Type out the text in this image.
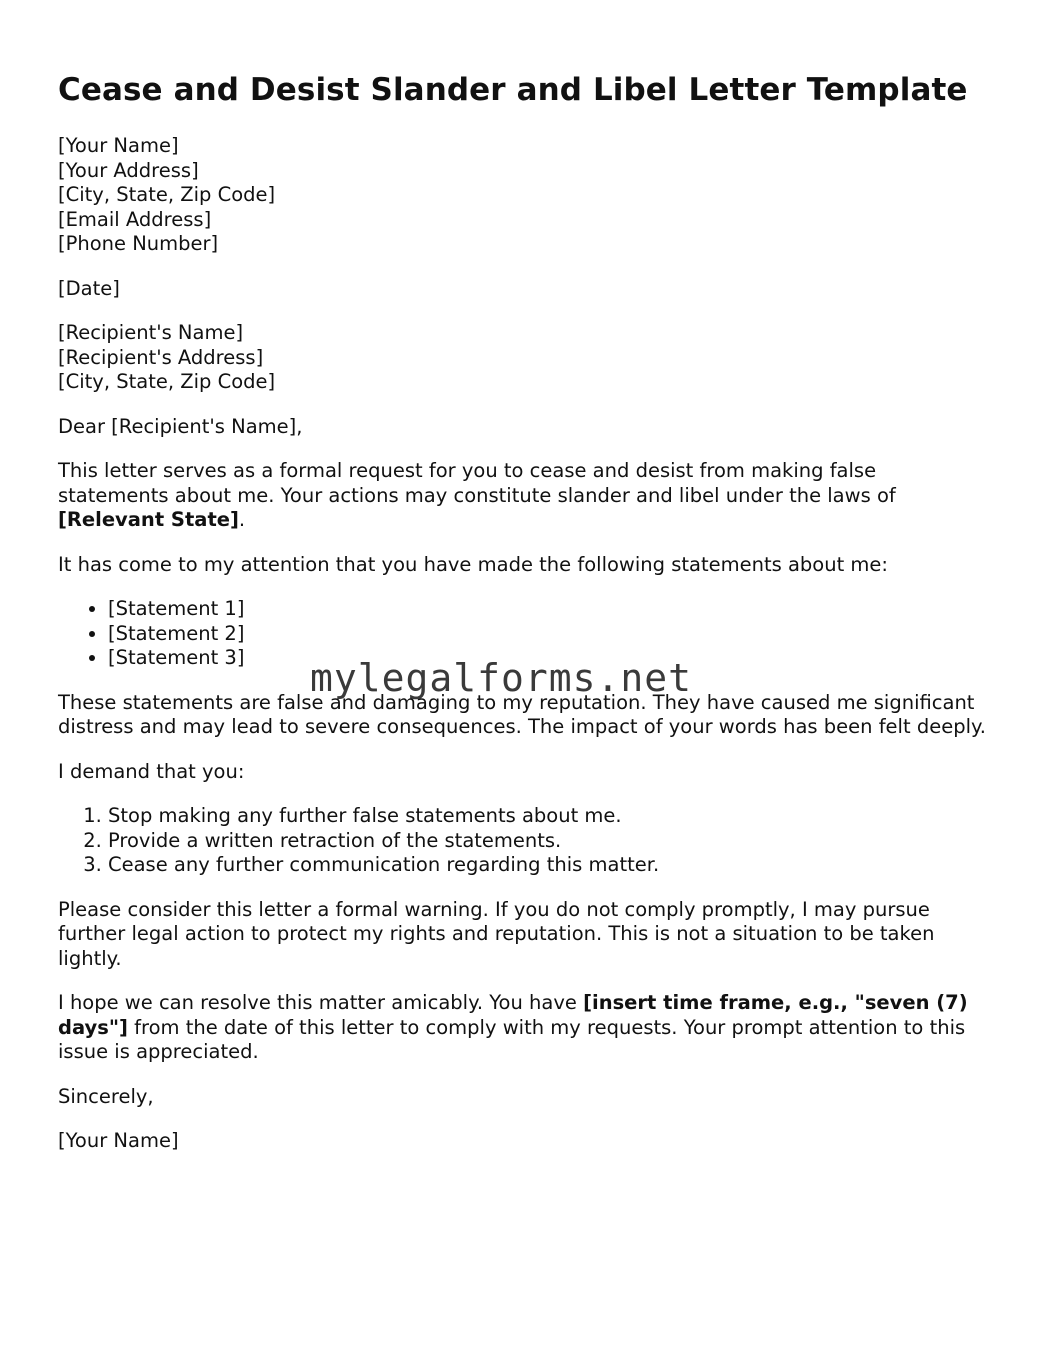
Cease and Desist Slander and Libel Letter Template

[Your Name]
[Your Address]
[City, State, Zip Code]
[Email Address]
[Phone Number]

[Date]

[Recipient's Name]
[Recipient's Address]
[City, State, Zip Code]

Dear [Recipient's Name],

This letter serves as a formal request for you to cease and desist from making false statements about me. Your actions may constitute slander and libel under the laws of [Relevant State].

It has come to my attention that you have made the following statements about me:

• [Statement 1]
• [Statement 2]
• [Statement 3]

These statements are false and damaging to my reputation. They have caused me significant distress and may lead to severe consequences. The impact of your words has been felt deeply.

I demand that you:

1. Stop making any further false statements about me.
2. Provide a written retraction of the statements.
3. Cease any further communication regarding this matter.

Please consider this letter a formal warning. If you do not comply promptly, I may pursue further legal action to protect my rights and reputation. This is not a situation to be taken lightly.

I hope we can resolve this matter amicably. You have [insert time frame, e.g., "seven (7) days"] from the date of this letter to comply with my requests. Your prompt attention to this issue is appreciated.

Sincerely,

[Your Name]

mylegalforms.net
